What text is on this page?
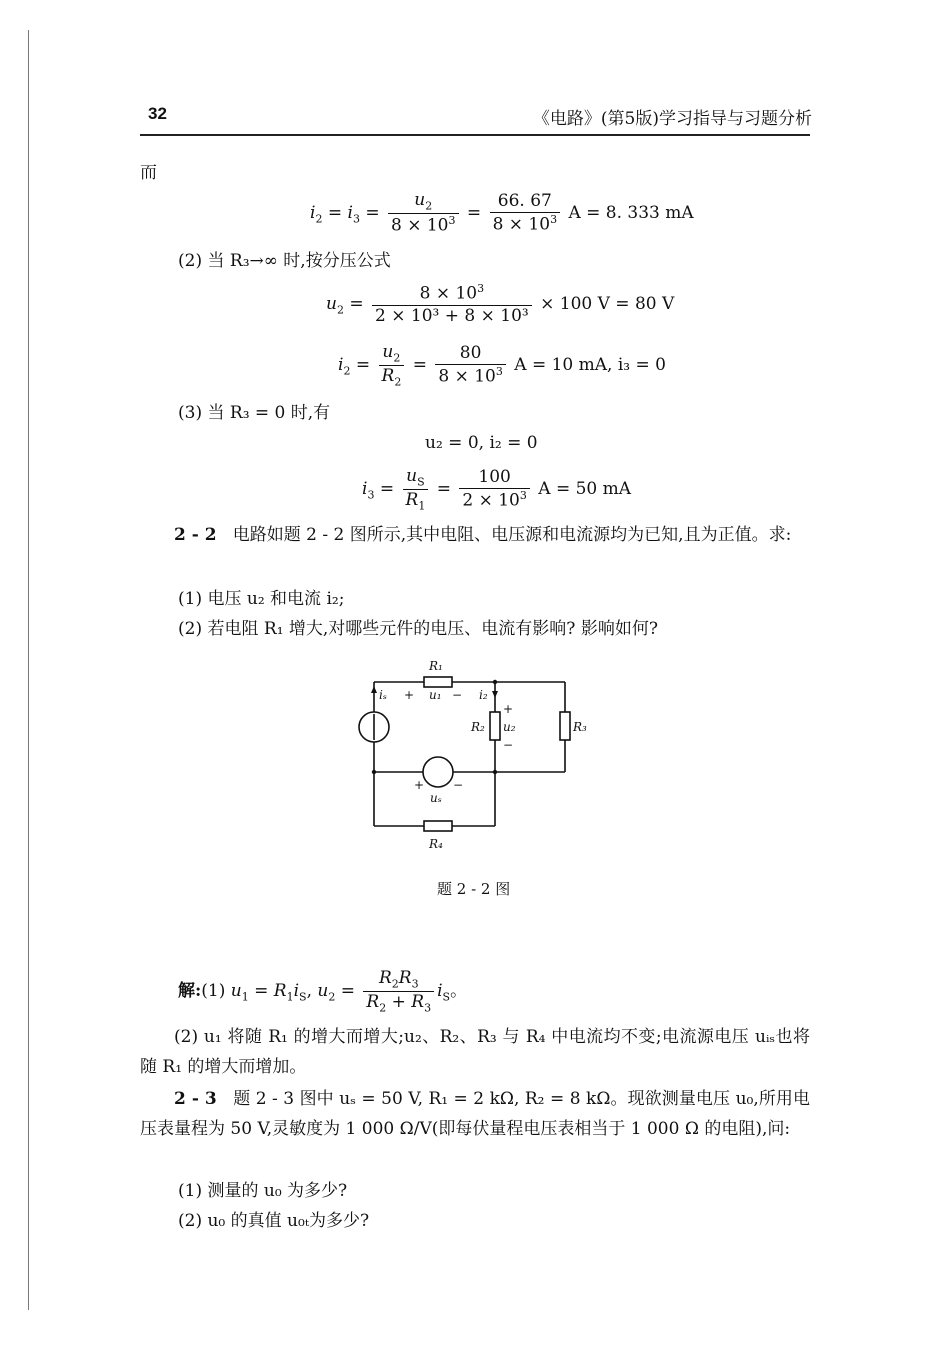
32	《电路》(第5版)学习指导与习题分析
而
$i_2 = i_3 = \frac{u_2}{8 \times 10^3} = \frac{66. 67}{8 \times 10^3}$ A = 8. 333 mA
(2) 当 R₃→∞ 时,按分压公式
$u_2 = \frac{8 \times 10^3}{\text{2 × 10³ + 8 × 10³}} \times 100$ V = 80 V
$i_2 = \frac{u_2}{R_2} = \frac{80}{8 \times 10^3}$ A = 10 mA, i₃ = 0
(3) 当 R₃ = 0 时,有
u₂ = 0, i₂ = 0
$i_3 = \frac{u_S}{R_1} = \frac{100}{2 \times 10^3}$ A = 50 mA
2 - 2 电路如题 2 - 2 图所示,其中电阻、电压源和电流源均为已知,且为正值。求:
(1) 电压 u₂ 和电流 i₂;
(2) 若电阻 R₁ 增大,对哪些元件的电压、电流有影响? 影响如何?
R₁
iₛ + u₁ − i₂
+
R₂ u₂
−
R₃
+ −
uₛ
R₄
题 2 - 2 图
解:(1) $u_1 = R_1i_S$, $u_2 = \frac{R_2R_3}{R_2 + R_3} i_S$。
(2) u₁ 将随 R₁ 的增大而增大;u₂、R₂、R₃ 与 R₄ 中电流均不变;电流源电压 uᵢₛ也将随 R₁ 的增大而增加。
2 - 3 题 2 - 3 图中 uₛ = 50 V, R₁ = 2 kΩ, R₂ = 8 kΩ。现欲测量电压 u₀,所用电压表量程为 50 V,灵敏度为 1 000 Ω/V(即每伏量程电压表相当于 1 000 Ω 的电阻),问:
(1) 测量的 u₀ 为多少?
(2) u₀ 的真值 u₀ₜ为多少?
